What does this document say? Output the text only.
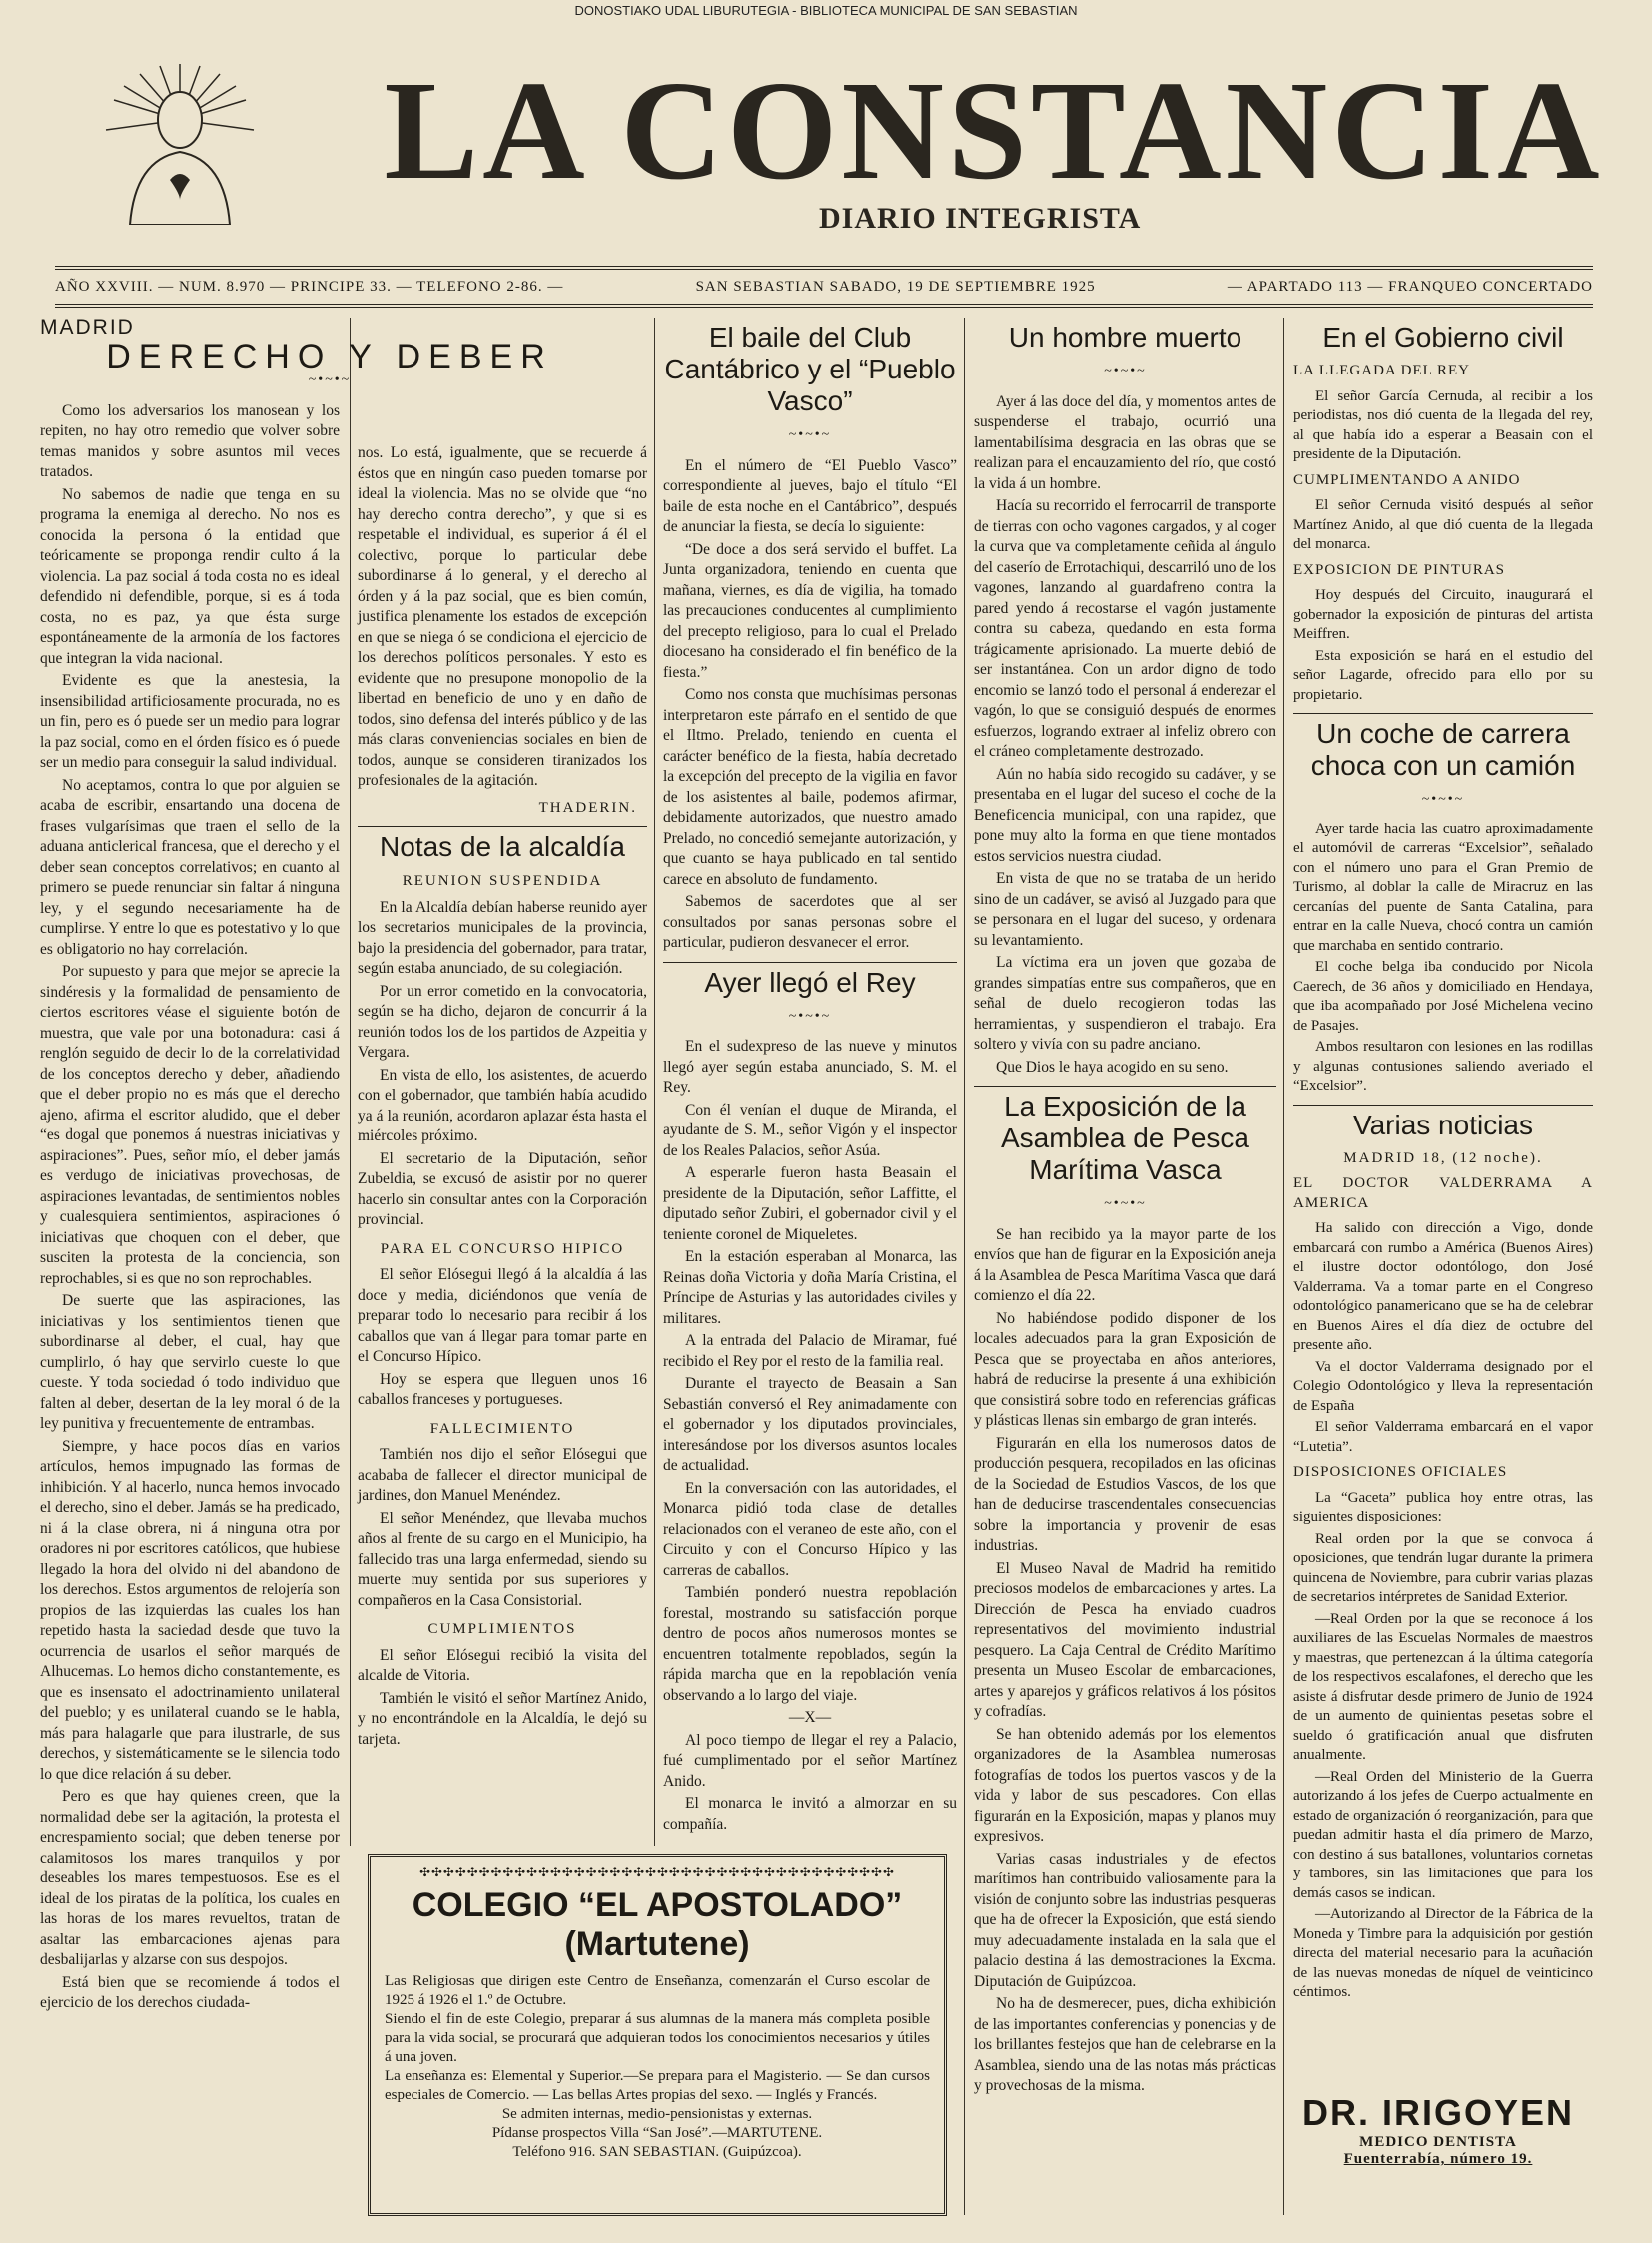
DONOSTIAKO UDAL LIBURUTEGIA - BIBLIOTECA MUNICIPAL DE SAN SEBASTIAN
LA CONSTANCIA
DIARIO INTEGRISTA
AÑO XXVIII. — NUM. 8.970 — PRINCIPE 33. — TELEFONO 2-86. —	SAN SEBASTIAN SABADO, 19 DE SEPTIEMBRE 1925	— APARTADO 113 — FRANQUEO CONCERTADO
MADRID
DERECHO Y DEBER
~•~•~

Como los adversarios los manosean y los repiten, no hay otro remedio que volver sobre temas manidos y sobre asuntos mil veces tratados.

No sabemos de nadie que tenga en su programa la enemiga al derecho. No nos es conocida la persona ó la entidad que teóricamente se proponga rendir culto á la violencia. La paz social á toda costa no es ideal defendido ni defendible, porque, si es á toda costa, no es paz, ya que ésta surge espontáneamente de la armonía de los factores que integran la vida nacional.

Evidente es que la anestesia, la insensibilidad artificiosamente procurada, no es un fin, pero es ó puede ser un medio para lograr la paz social, como en el órden físico es ó puede ser un medio para conseguir la salud individual.

No aceptamos, contra lo que por alguien se acaba de escribir, ensartando una docena de frases vulgarísimas que traen el sello de la aduana anticlerical francesa, que el derecho y el deber sean conceptos correlativos; en cuanto al primero se puede renunciar sin faltar á ninguna ley, y el segundo necesariamente ha de cumplirse. Y entre lo que es potestativo y lo que es obligatorio no hay correlación.

Por supuesto y para que mejor se aprecie la sindéresis y la formalidad de pensamiento de ciertos escritores véase el siguiente botón de muestra, que vale por una botonadura: casi á renglón seguido de decir lo de la correlatividad de los conceptos derecho y deber, añadiendo que el deber propio no es más que el derecho ajeno, afirma el escritor aludido, que el deber “es dogal que ponemos á nuestras iniciativas y aspiraciones”. Pues, señor mío, el deber jamás es verdugo de iniciativas provechosas, de aspiraciones levantadas, de sentimientos nobles y cualesquiera sentimientos, aspiraciones ó iniciativas que choquen con el deber, que susciten la protesta de la conciencia, son reprochables, si es que no son reprochables.

De suerte que las aspiraciones, las iniciativas y los sentimientos tienen que subordinarse al deber, el cual, hay que cumplirlo, ó hay que servirlo cueste lo que cueste. Y toda sociedad ó todo individuo que falten al deber, desertan de la ley moral ó de la ley punitiva y frecuentemente de entrambas.

Siempre, y hace pocos días en varios artículos, hemos impugnado las formas de inhibición. Y al hacerlo, nunca hemos invocado el derecho, sino el deber. Jamás se ha predicado, ni á la clase obrera, ni á ninguna otra por oradores ni por escritores católicos, que hubiese llegado la hora del olvido ni del abandono de los derechos. Estos argumentos de relojería son propios de las izquierdas las cuales los han repetido hasta la saciedad desde que tuvo la ocurrencia de usarlos el señor marqués de Alhucemas. Lo hemos dicho constantemente, es que es insensato el adoctrinamiento unilateral del pueblo; y es unilateral cuando se le habla, más para halagarle que para ilustrarle, de sus derechos, y sistemáticamente se le silencia todo lo que dice relación á su deber.

Pero es que hay quienes creen, que la normalidad debe ser la agitación, la protesta el encrespamiento social; que deben tenerse por calamitosos los mares tranquilos y por deseables los mares tempestuosos. Ese es el ideal de los piratas de la política, los cuales en las horas de los mares revueltos, tratan de asaltar las embarcaciones ajenas para desbalijarlas y alzarse con sus despojos.

Está bien que se recomiende á todos el ejercicio de los derechos ciudada-

nos. Lo está, igualmente, que se recuerde á éstos que en ningún caso pueden tomarse por ideal la violencia. Mas no se olvide que “no hay derecho contra derecho”, y que si es respetable el individual, es superior á él el colectivo, porque lo particular debe subordinarse á lo general, y el derecho al órden y á la paz social, que es bien común, justifica plenamente los estados de excepción en que se niega ó se condiciona el ejercicio de los derechos políticos personales. Y esto es evidente que no presupone monopolio de la libertad en beneficio de uno y en daño de todos, sino defensa del interés público y de las más claras conveniencias sociales en bien de todos, aunque se consideren tiranizados los profesionales de la agitación.

THADERIN.
Notas de la alcaldía
REUNION SUSPENDIDA

En la Alcaldía debían haberse reunido ayer los secretarios municipales de la provincia, bajo la presidencia del gobernador, para tratar, según estaba anunciado, de su colegiación.

Por un error cometido en la convocatoria, según se ha dicho, dejaron de concurrir á la reunión todos los de los partidos de Azpeitia y Vergara.

En vista de ello, los asistentes, de acuerdo con el gobernador, que también había acudido ya á la reunión, acordaron aplazar ésta hasta el miércoles próximo.

El secretario de la Diputación, señor Zubeldia, se excusó de asistir por no querer hacerlo sin consultar antes con la Corporación provincial.

PARA EL CONCURSO HIPICO

El señor Elósegui llegó á la alcaldía á las doce y media, diciéndonos que venía de preparar todo lo necesario para recibir á los caballos que van á llegar para tomar parte en el Concurso Hípico.

Hoy se espera que lleguen unos 16 caballos franceses y portugueses.

FALLECIMIENTO

También nos dijo el señor Elósegui que acababa de fallecer el director municipal de jardines, don Manuel Menéndez.

El señor Menéndez, que llevaba muchos años al frente de su cargo en el Municipio, ha fallecido tras una larga enfermedad, siendo su muerte muy sentida por sus superiores y compañeros en la Casa Consistorial.

CUMPLIMIENTOS

El señor Elósegui recibió la visita del alcalde de Vitoria.

También le visitó el señor Martínez Anido, y no encontrándole en la Alcaldía, le dejó su tarjeta.

El baile del Club Cantábrico y el “Pueblo Vasco”
~•~•~

En el número de “El Pueblo Vasco” correspondiente al jueves, bajo el título “El baile de esta noche en el Cantábrico”, después de anunciar la fiesta, se decía lo siguiente:

“De doce a dos será servido el buffet. La Junta organizadora, teniendo en cuenta que mañana, viernes, es día de vigilia, ha tomado las precauciones conducentes al cumplimiento del precepto religioso, para lo cual el Prelado diocesano ha considerado el fin benéfico de la fiesta.”

Como nos consta que muchísimas personas interpretaron este párrafo en el sentido de que el Iltmo. Prelado, teniendo en cuenta el carácter benéfico de la fiesta, había decretado la excepción del precepto de la vigilia en favor de los asistentes al baile, podemos afirmar, debidamente autorizados, que nuestro amado Prelado, no concedió semejante autorización, y que cuanto se haya publicado en tal sentido carece en absoluto de fundamento.

Sabemos de sacerdotes que al ser consultados por sanas personas sobre el particular, pudieron desvanecer el error.

Ayer llegó el Rey
~•~•~

En el sudexpreso de las nueve y minutos llegó ayer según estaba anunciado, S. M. el Rey.

Con él venían el duque de Miranda, el ayudante de S. M., señor Vigón y el inspector de los Reales Palacios, señor Asúa.

A esperarle fueron hasta Beasain el presidente de la Diputación, señor Laffitte, el diputado señor Zubiri, el gobernador civil y el teniente coronel de Miqueletes.

En la estación esperaban al Monarca, las Reinas doña Victoria y doña María Cristina, el Príncipe de Asturias y las autoridades civiles y militares.

A la entrada del Palacio de Miramar, fué recibido el Rey por el resto de la familia real.

Durante el trayecto de Beasain a San Sebastián conversó el Rey animadamente con el gobernador y los diputados provinciales, interesándose por los diversos asuntos locales de actualidad.

En la conversación con las autoridades, el Monarca pidió toda clase de detalles relacionados con el veraneo de este año, con el Circuito y con el Concurso Hípico y las carreras de caballos.

También ponderó nuestra repoblación forestal, mostrando su satisfacción porque dentro de pocos años numerosos montes se encuentren totalmente repoblados, según la rápida marcha que en la repoblación venía observando a lo largo del viaje.

—X—

Al poco tiempo de llegar el rey a Palacio, fué cumplimentado por el señor Martínez Anido.

El monarca le invitó a almorzar en su compañía.

Un hombre muerto
~•~•~

Ayer á las doce del día, y momentos antes de suspenderse el trabajo, ocurrió una lamentabilísima desgracia en las obras que se realizan para el encauzamiento del río, que costó la vida á un hombre.

Hacía su recorrido el ferrocarril de transporte de tierras con ocho vagones cargados, y al coger la curva que va completamente ceñida al ángulo del caserío de Errotachiqui, descarriló uno de los vagones, lanzando al guardafreno contra la pared yendo á recostarse el vagón justamente contra su cabeza, quedando en esta forma trágicamente aprisionado. La muerte debió de ser instantánea. Con un ardor digno de todo encomio se lanzó todo el personal á enderezar el vagón, lo que se consiguió después de enormes esfuerzos, logrando extraer al infeliz obrero con el cráneo completamente destrozado.

Aún no había sido recogido su cadáver, y se presentaba en el lugar del suceso el coche de la Beneficencia municipal, con una rapidez, que pone muy alto la forma en que tiene montados estos servicios nuestra ciudad.

En vista de que no se trataba de un herido sino de un cadáver, se avisó al Juzgado para que se personara en el lugar del suceso, y ordenara su levantamiento.

La víctima era un joven que gozaba de grandes simpatías entre sus compañeros, que en señal de duelo recogieron todas las herramientas, y suspendieron el trabajo. Era soltero y vivía con su padre anciano.

Que Dios le haya acogido en su seno.

La Exposición de la Asamblea de Pesca Marítima Vasca
~•~•~

Se han recibido ya la mayor parte de los envíos que han de figurar en la Exposición aneja á la Asamblea de Pesca Marítima Vasca que dará comienzo el día 22.

No habiéndose podido disponer de los locales adecuados para la gran Exposición de Pesca que se proyectaba en años anteriores, habrá de reducirse la presente á una exhibición que consistirá sobre todo en referencias gráficas y plásticas llenas sin embargo de gran interés.

Figurarán en ella los numerosos datos de producción pesquera, recopilados en las oficinas de la Sociedad de Estudios Vascos, de los que han de deducirse trascendentales consecuencias sobre la importancia y provenir de esas industrias.

El Museo Naval de Madrid ha remitido preciosos modelos de embarcaciones y artes. La Dirección de Pesca ha enviado cuadros representativos del movimiento industrial pesquero. La Caja Central de Crédito Marítimo presenta un Museo Escolar de embarcaciones, artes y aparejos y gráficos relativos á los pósitos y cofradías.

Se han obtenido además por los elementos organizadores de la Asamblea numerosas fotografías de todos los puertos vascos y de la vida y labor de sus pescadores. Con ellas figurarán en la Exposición, mapas y planos muy expresivos.

Varias casas industriales y de efectos marítimos han contribuido valiosamente para la visión de conjunto sobre las industrias pesqueras que ha de ofrecer la Exposición, que está siendo muy adecuadamente instalada en la sala que el palacio destina á las demostraciones la Excma. Diputación de Guipúzcoa.

No ha de desmerecer, pues, dicha exhibición de las importantes conferencias y ponencias y de los brillantes festejos que han de celebrarse en la Asamblea, siendo una de las notas más prácticas y provechosas de la misma.

En el Gobierno civil
LA LLEGADA DEL REY

El señor García Cernuda, al recibir a los periodistas, nos dió cuenta de la llegada del rey, al que había ido a esperar a Beasain con el presidente de la Diputación.

CUMPLIMENTANDO A ANIDO

El señor Cernuda visitó después al señor Martínez Anido, al que dió cuenta de la llegada del monarca.

EXPOSICION DE PINTURAS

Hoy después del Circuito, inaugurará el gobernador la exposición de pinturas del artista Meiffren.

Esta exposición se hará en el estudio del señor Lagarde, ofrecido para ello por su propietario.

Un coche de carrera choca con un camión
~•~•~

Ayer tarde hacia las cuatro aproximadamente el automóvil de carreras “Excelsior”, señalado con el número uno para el Gran Premio de Turismo, al doblar la calle de Miracruz en las cercanías del puente de Santa Catalina, para entrar en la calle Nueva, chocó contra un camión que marchaba en sentido contrario.

El coche belga iba conducido por Nicola Caerech, de 36 años y domiciliado en Hendaya, que iba acompañado por José Michelena vecino de Pasajes.

Ambos resultaron con lesiones en las rodillas y algunas contusiones saliendo averiado el “Excelsior”.

Varias noticias
MADRID 18, (12 noche).
EL DOCTOR VALDERRAMA A AMERICA

Ha salido con dirección a Vigo, donde embarcará con rumbo a América (Buenos Aires) el ilustre doctor odontólogo, don José Valderrama. Va a tomar parte en el Congreso odontológico panamericano que se ha de celebrar en Buenos Aires el día diez de octubre del presente año.

Va el doctor Valderrama designado por el Colegio Odontológico y lleva la representación de España

El señor Valderrama embarcará en el vapor “Lutetia”.

DISPOSICIONES OFICIALES

La “Gaceta” publica hoy entre otras, las siguientes disposiciones:

Real orden por la que se convoca á oposiciones, que tendrán lugar durante la primera quincena de Noviembre, para cubrir varias plazas de secretarios intérpretes de Sanidad Exterior.

—Real Orden por la que se reconoce á los auxiliares de las Escuelas Normales de maestros y maestras, que pertenezcan á la última categoría de los respectivos escalafones, el derecho que les asiste á disfrutar desde primero de Junio de 1924 de un aumento de quinientas pesetas sobre el sueldo ó gratificación anual que disfruten anualmente.

—Real Orden del Ministerio de la Guerra autorizando á los jefes de Cuerpo actualmente en estado de organización ó reorganización, para que puedan admitir hasta el día primero de Marzo, con destino á sus batallones, voluntarios cornetas y tambores, sin las limitaciones que para los demás casos se indican.

—Autorizando al Director de la Fábrica de la Moneda y Timbre para la adquisición por gestión directa del material necesario para la acuñación de las nuevas monedas de níquel de veinticinco céntimos.

✣✣✣✣✣✣✣✣✣✣✣✣✣✣✣✣✣✣✣✣✣✣✣✣✣✣✣✣✣✣✣✣✣✣✣✣✣✣✣✣
COLEGIO “EL APOSTOLADO” (Martutene)
Las Religiosas que dirigen este Centro de Enseñanza, comenzarán el Curso escolar de 1925 á 1926 el 1.º de Octubre.
Siendo el fin de este Colegio, preparar á sus alumnas de la manera más completa posible para la vida social, se procurará que adquieran todos los conocimientos necesarios y útiles á una joven.
La enseñanza es: Elemental y Superior.—Se prepara para el Magisterio. — Se dan cursos especiales de Comercio. — Las bellas Artes propias del sexo. — Inglés y Francés.
Se admiten internas, medio-pensionistas y externas.
Pídanse prospectos Villa “San José”.—MARTUTENE.
Teléfono 916. SAN SEBASTIAN. (Guipúzcoa).
DR. IRIGOYEN
MEDICO DENTISTA
Fuenterrabía, número 19.
